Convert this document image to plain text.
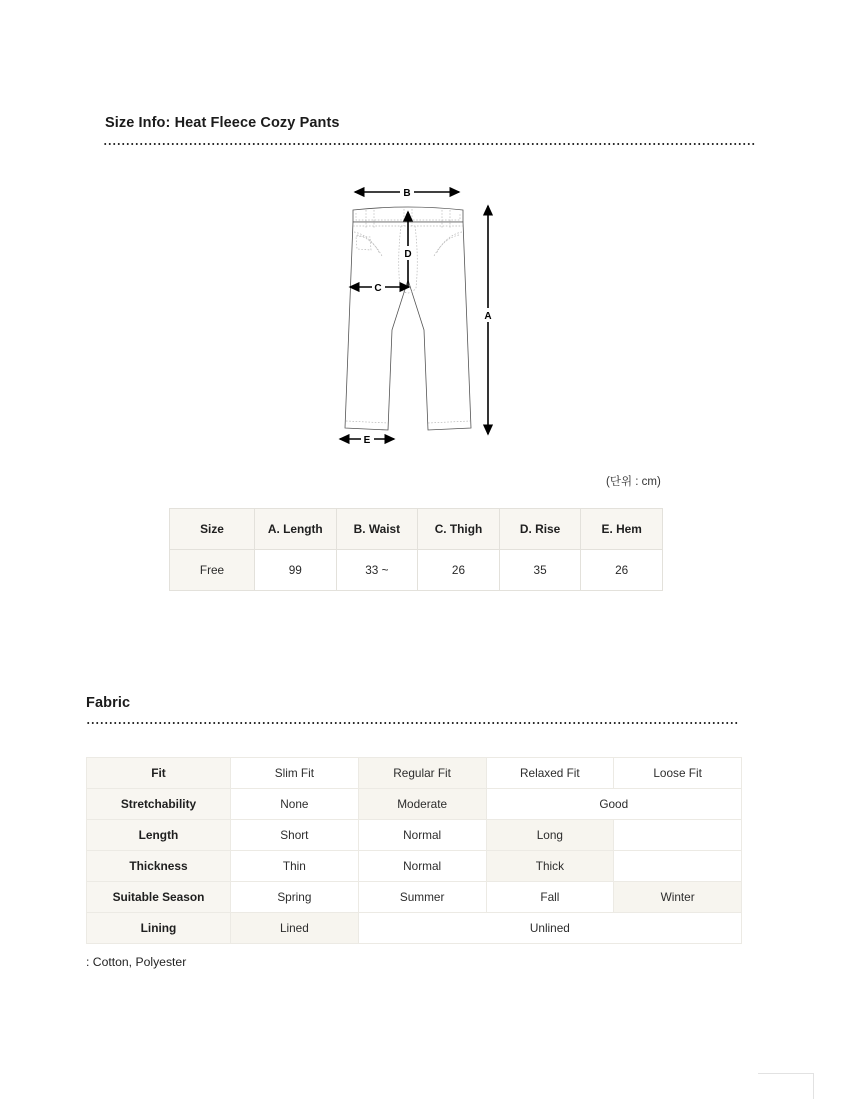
Size Info: Heat Fleece Cozy Pants
B
D
C
A
E
(단위 : cm)
Size	A. Length	B. Waist	C. Thigh	D. Rise	E. Hem
Free	99	33 ~	26	35	26
Fabric
Fit	Slim Fit	Regular Fit	Relaxed Fit	Loose Fit
Stretchability	None	Moderate	Good	
Length	Short	Normal	Long	
Thickness	Thin	Normal	Thick	
Suitable Season	Spring	Summer	Fall	Winter
Lining	Lined	Unlined		
: Cotton, Polyester
